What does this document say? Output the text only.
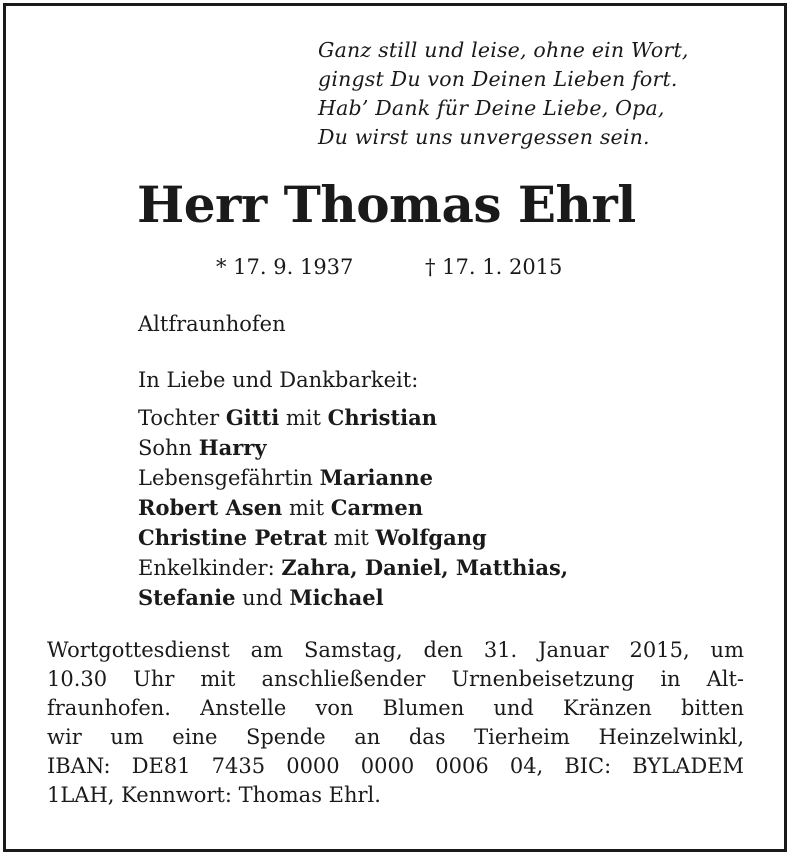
Ganz still und leise, ohne ein Wort,
gingst Du von Deinen Lieben fort.
Hab’ Dank für Deine Liebe, Opa,
Du wirst uns unvergessen sein.
Herr Thomas Ehrl
* 17. 9. 1937	† 17. 1. 2015
Altfraunhofen
In Liebe und Dankbarkeit:
Tochter Gitti mit Christian
Sohn Harry
Lebensgefährtin Marianne
Robert Asen mit Carmen
Christine Petrat mit Wolfgang
Enkelkinder: Zahra, Daniel, Matthias,
Stefanie und Michael
Wortgottesdienst am Samstag, den 31. Januar 2015, um
10.30 Uhr mit anschließender Urnenbeisetzung in Alt-
fraunhofen. Anstelle von Blumen und Kränzen bitten
wir um eine Spende an das Tierheim Heinzelwinkl,
IBAN: DE81 7435 0000 0000 0006 04, BIC: BYLADEM
1LAH, Kennwort: Thomas Ehrl.
